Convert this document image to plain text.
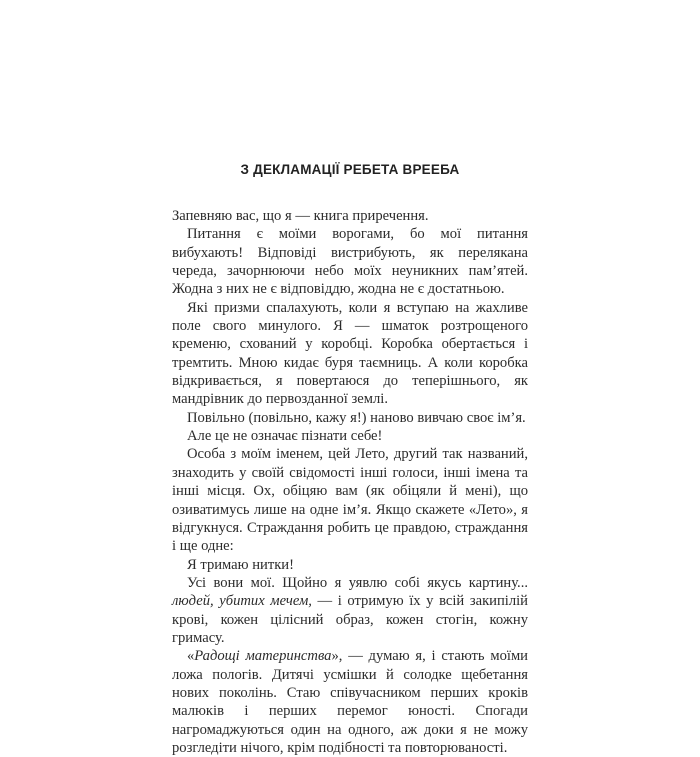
З ДЕКЛАМАЦІЇ РЕБЕТА ВРЕЕБА

Запевняю вас, що я — книга приречення.

Питання є моїми ворогами, бо мої питання вибухають! Відповіді вистрибують, як перелякана череда, зачорнюючи небо моїх неуникних пам’ятей. Жодна з них не є відповіддю, жодна не є достатньою.

Які призми спалахують, коли я вступаю на жахливе поле свого минулого. Я — шматок розтрощеного кременю, схований у коробці. Коробка обертається і тремтить. Мною кидає буря таємниць. А коли коробка відкривається, я повертаюся до теперішнього, як мандрівник до первозданної землі.

Повільно (повільно, кажу я!) наново вивчаю своє ім’я.

Але це не означає пізнати себе!

Особа з моїм іменем, цей Лето, другий так названий, знаходить у своїй свідомості інші голоси, інші імена та інші місця. Ох, обіцяю вам (як обіцяли й мені), що озиватимусь лише на одне ім’я. Якщо скажете «Лето», я відгукнуся. Страждання робить це правдою, страждання і ще одне:

Я тримаю нитки!

Усі вони мої. Щойно я уявлю собі якусь картину... людей, убитих мечем, — і отримую їх у всій закипілій крові, кожен цілісний образ, кожен стогін, кожну гримасу.

«Радощі материнства», — думаю я, і стають моїми ложа пологів. Дитячі усмішки й солодке щебетання нових поколінь. Стаю співучасником перших кроків малюків і перших перемог юності. Спогади нагромаджуються один на одного, аж доки я не можу розгледіти нічого, крім подібності та повторюваності.
